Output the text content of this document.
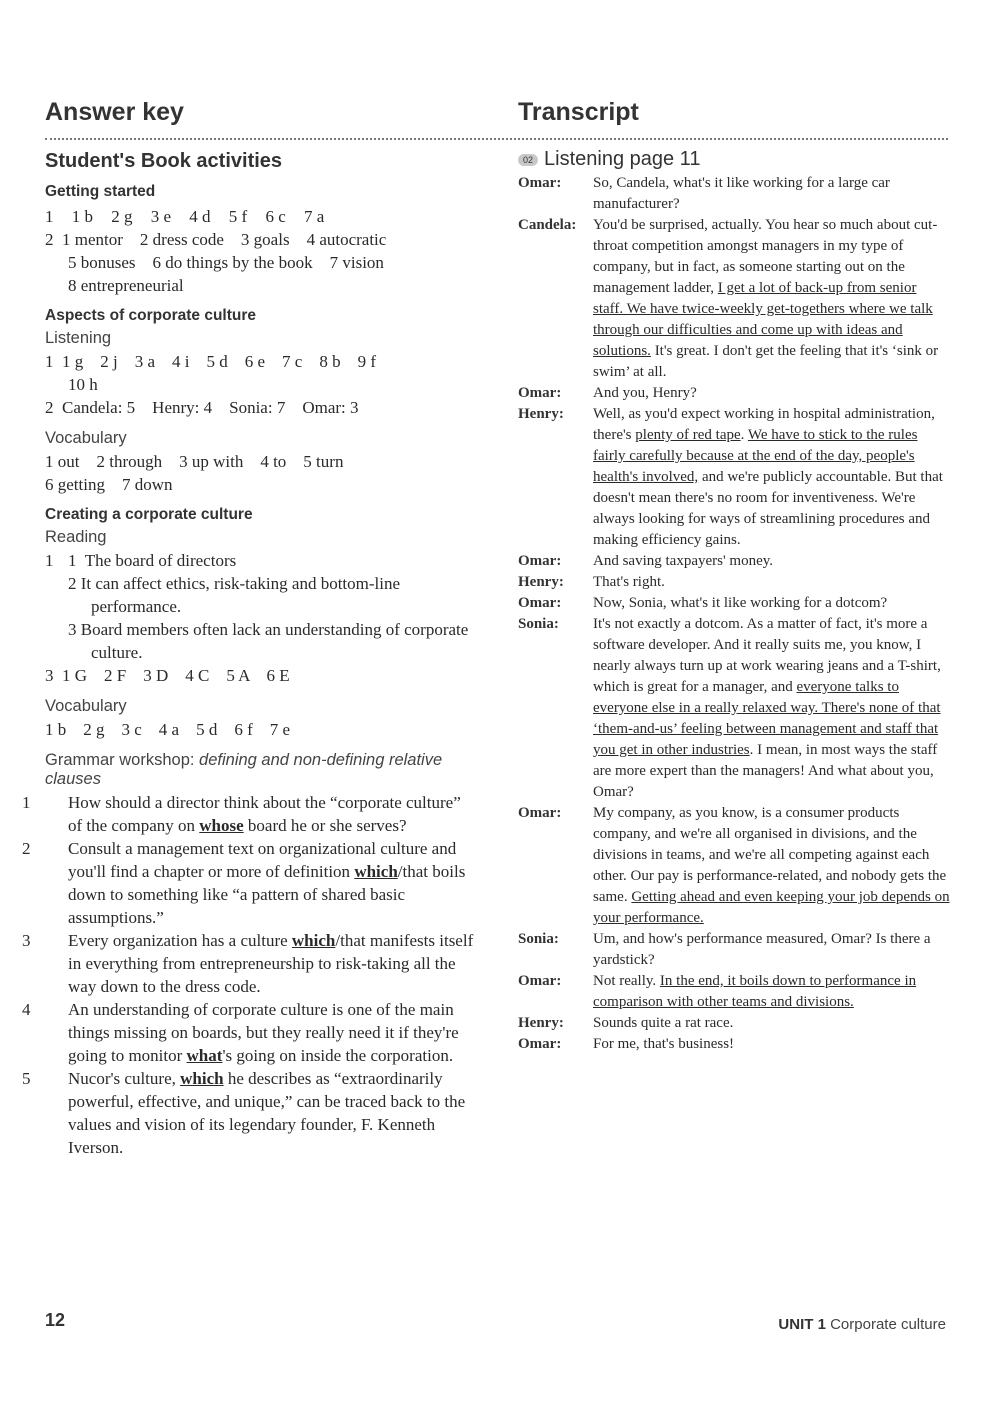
Answer key	Transcript
Student's Book activities
Getting started
1 1 b 2 g 3 e 4 d 5 f 6 c 7 a
2  1 mentor    2 dress code    3 goals    4 autocratic
5 bonuses    6 do things by the book    7 vision
8 entrepreneurial
Aspects of corporate culture
Listening
1  1 g    2 j    3 a    4 i    5 d    6 e    7 c    8 b    9 f
10 h
2  Candela: 5    Henry: 4    Sonia: 7    Omar: 3
Vocabulary
1 out    2 through    3 up with    4 to    5 turn
6 getting    7 down
Creating a corporate culture
Reading
1 1  The board of directors
2 It can affect ethics, risk-taking and bottom-line performance.
3 Board members often lack an understanding of corporate culture.
3  1 G    2 F    3 D    4 C    5 A    6 E
Vocabulary
1 b    2 g    3 c    4 a    5 d    6 f    7 e
Grammar workshop: defining and non-defining relative clauses
1 How should a director think about the “corporate culture” of the company on whose board he or she serves?
2 Consult a management text on organizational culture and you'll find a chapter or more of definition which/that boils down to something like “a pattern of shared basic assumptions.”
3 Every organization has a culture which/that manifests itself in everything from entrepreneurship to risk-taking all the way down to the dress code.
4 An understanding of corporate culture is one of the main things missing on boards, but they really need it if they're going to monitor what's going on inside the corporation.
5 Nucor's culture, which he describes as “extraordinarily powerful, effective, and unique,” can be traced back to the values and vision of its legendary founder, F. Kenneth Iverson.
02 Listening page 11
Omar:	So, Candela, what's it like working for a large car manufacturer?
Candela:	You'd be surprised, actually. You hear so much about cut-throat competition amongst managers in my type of company, but in fact, as someone starting out on the management ladder, I get a lot of back-up from senior staff. We have twice-weekly get-togethers where we talk through our difficulties and come up with ideas and solutions. It's great. I don't get the feeling that it's ‘sink or swim’ at all.
Omar:	And you, Henry?
Henry:	Well, as you'd expect working in hospital administration, there's plenty of red tape. We have to stick to the rules fairly carefully because at the end of the day, people's health's involved, and we're publicly accountable. But that doesn't mean there's no room for inventiveness. We're always looking for ways of streamlining procedures and making efficiency gains.
Omar:	And saving taxpayers' money.
Henry:	That's right.
Omar:	Now, Sonia, what's it like working for a dotcom?
Sonia:	It's not exactly a dotcom. As a matter of fact, it's more a software developer. And it really suits me, you know, I nearly always turn up at work wearing jeans and a T-shirt, which is great for a manager, and everyone talks to everyone else in a really relaxed way. There's none of that ‘them-and-us’ feeling between management and staff that you get in other industries. I mean, in most ways the staff are more expert than the managers! And what about you, Omar?
Omar:	My company, as you know, is a consumer products company, and we're all organised in divisions, and the divisions in teams, and we're all competing against each other. Our pay is performance-related, and nobody gets the same. Getting ahead and even keeping your job depends on your performance.
Sonia:	Um, and how's performance measured, Omar? Is there a yardstick?
Omar:	Not really. In the end, it boils down to performance in comparison with other teams and divisions.
Henry:	Sounds quite a rat race.
Omar:	For me, that's business!
12	UNIT 1 Corporate culture
